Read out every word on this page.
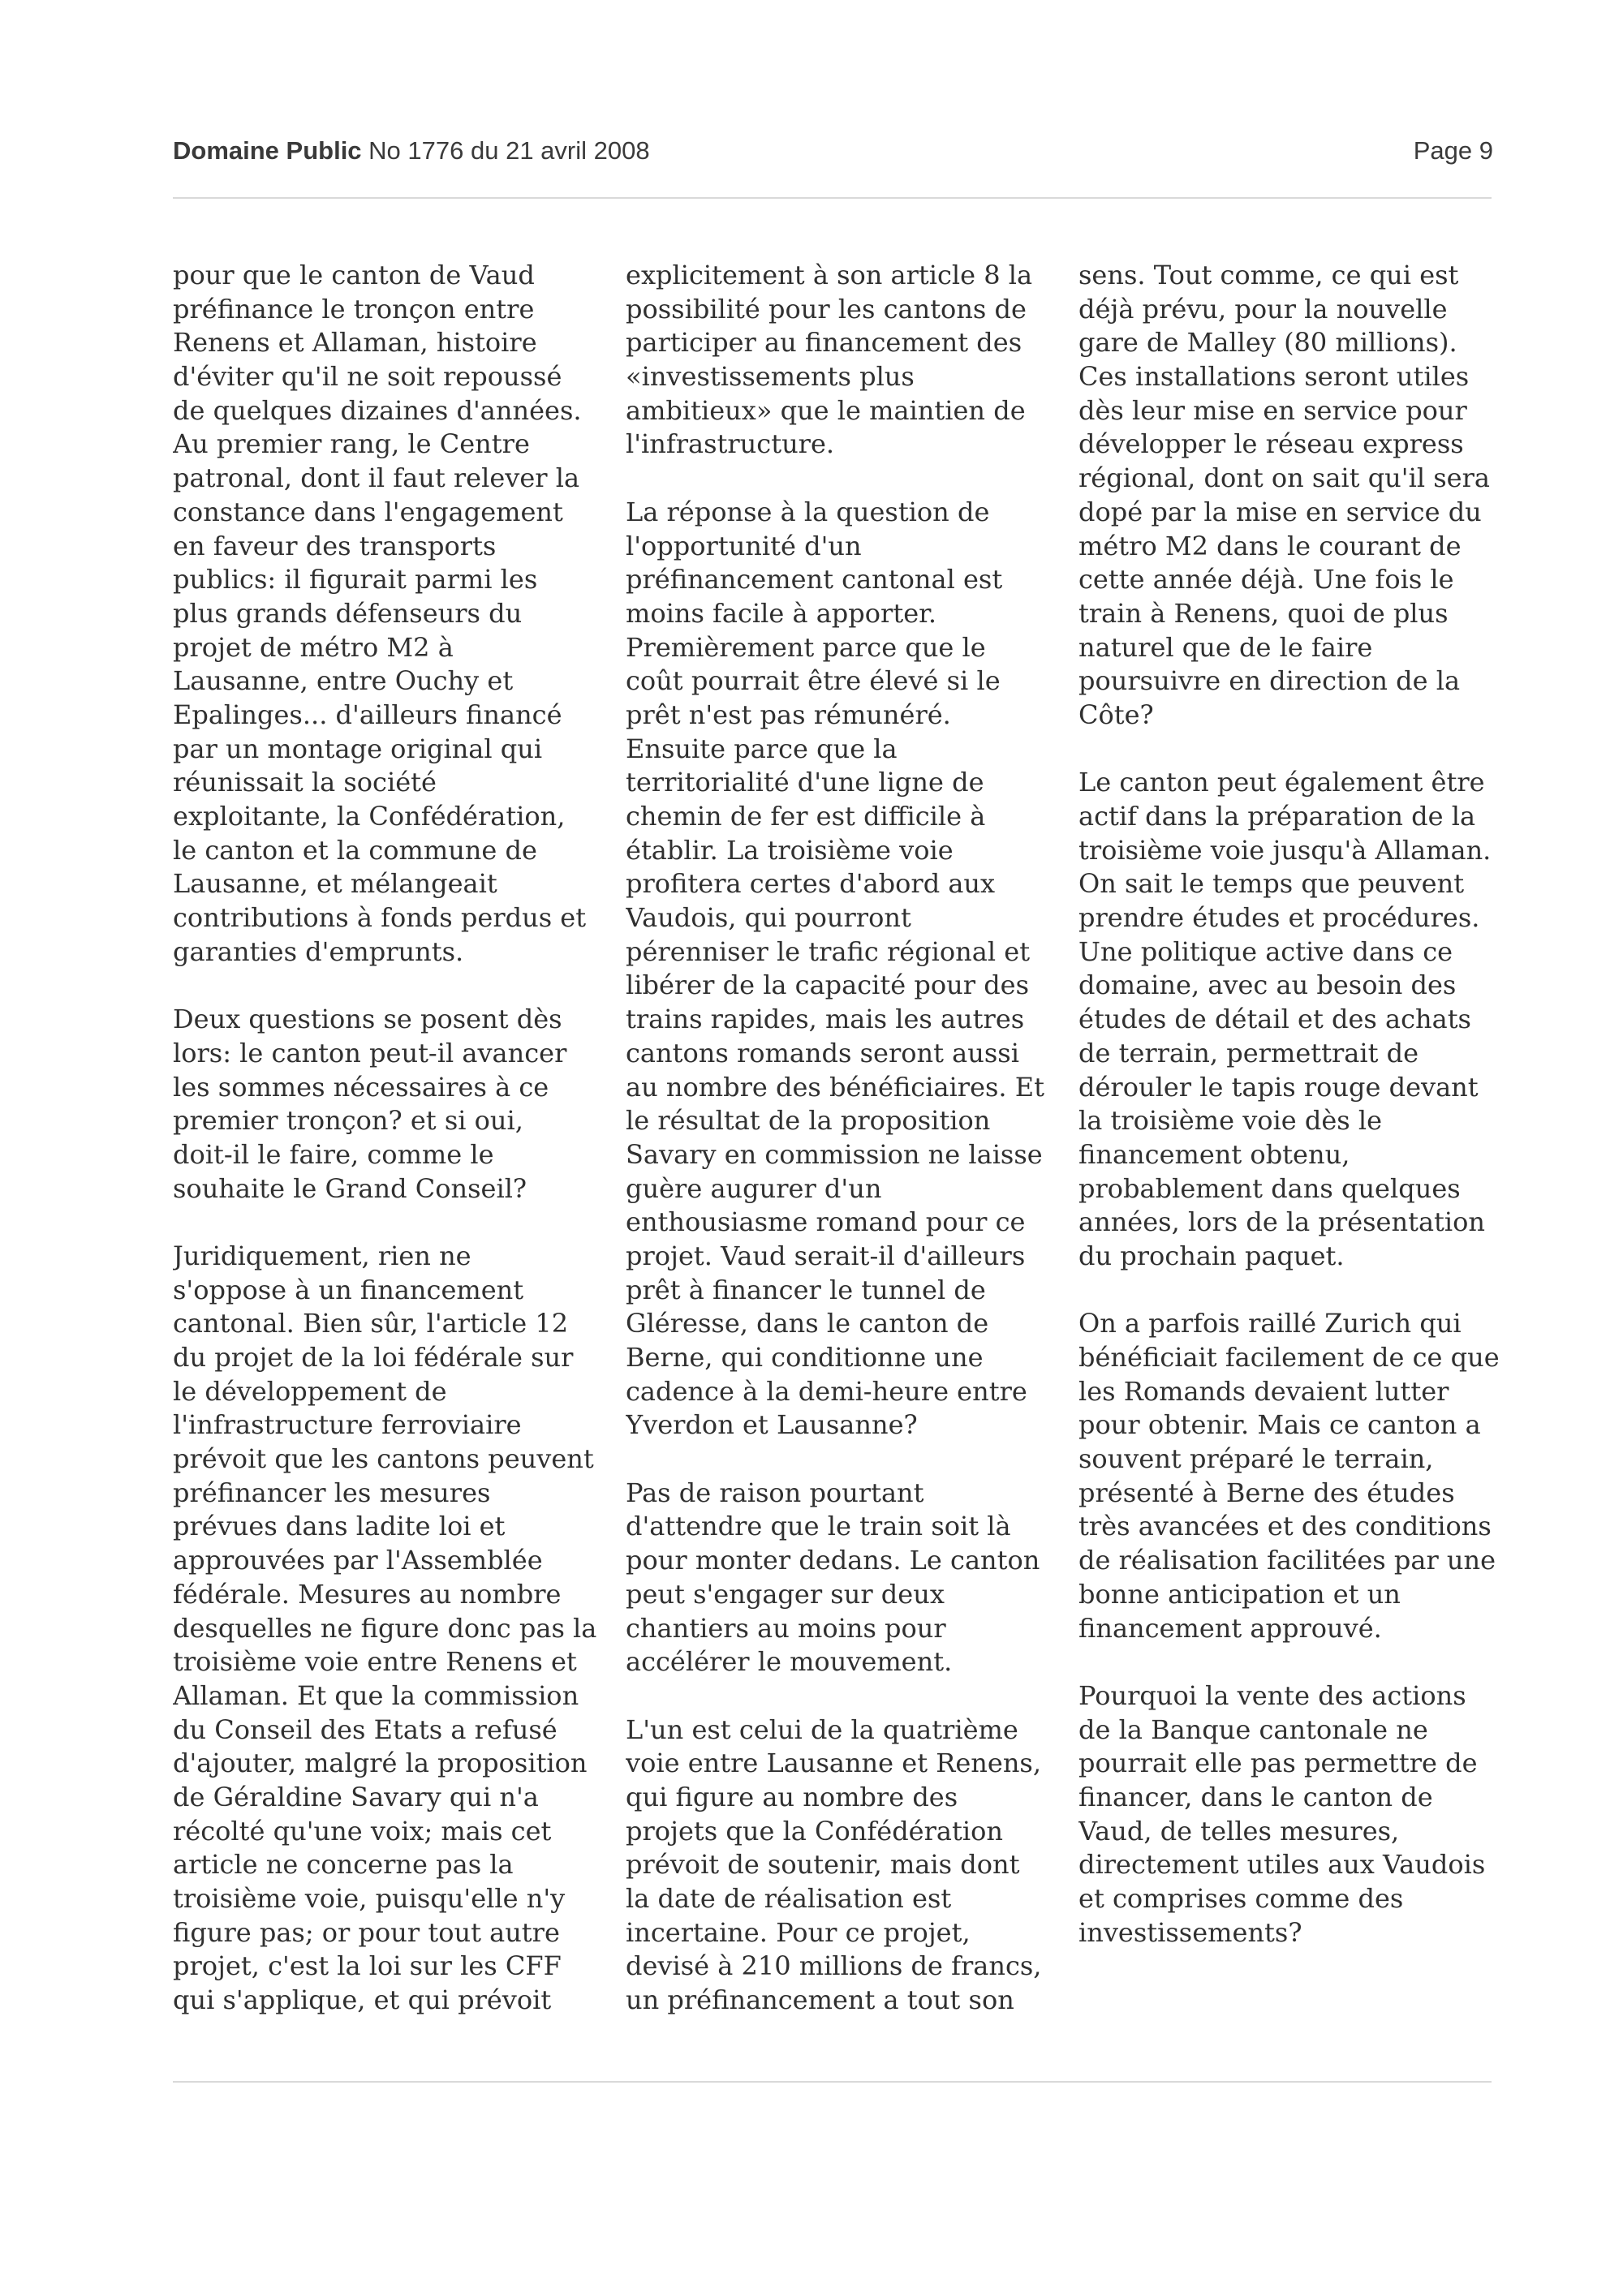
Domaine Public No 1776 du 21 avril 2008	Page 9
pour que le canton de Vaud
préfinance le tronçon entre
Renens et Allaman, histoire
d'éviter qu'il ne soit repoussé
de quelques dizaines d'années.
Au premier rang, le Centre
patronal, dont il faut relever la
constance dans l'engagement
en faveur des transports
publics: il figurait parmi les
plus grands défenseurs du
projet de métro M2 à
Lausanne, entre Ouchy et
Epalinges... d'ailleurs financé
par un montage original qui
réunissait la société
exploitante, la Confédération,
le canton et la commune de
Lausanne, et mélangeait
contributions à fonds perdus et
garanties d'emprunts.
Deux questions se posent dès
lors: le canton peut-il avancer
les sommes nécessaires à ce
premier tronçon? et si oui,
doit-il le faire, comme le
souhaite le Grand Conseil?
Juridiquement, rien ne
s'oppose à un financement
cantonal. Bien sûr, l'article 12
du projet de la loi fédérale sur
le développement de
l'infrastructure ferroviaire
prévoit que les cantons peuvent
préfinancer les mesures
prévues dans ladite loi et
approuvées par l'Assemblée
fédérale. Mesures au nombre
desquelles ne figure donc pas la
troisième voie entre Renens et
Allaman. Et que la commission
du Conseil des Etats a refusé
d'ajouter, malgré la proposition
de Géraldine Savary qui n'a
récolté qu'une voix; mais cet
article ne concerne pas la
troisième voie, puisqu'elle n'y
figure pas; or pour tout autre
projet, c'est la loi sur les CFF
qui s'applique, et qui prévoit
explicitement à son article 8 la
possibilité pour les cantons de
participer au financement des
«investissements plus
ambitieux» que le maintien de
l'infrastructure.
La réponse à la question de
l'opportunité d'un
préfinancement cantonal est
moins facile à apporter.
Premièrement parce que le
coût pourrait être élevé si le
prêt n'est pas rémunéré.
Ensuite parce que la
territorialité d'une ligne de
chemin de fer est difficile à
établir. La troisième voie
profitera certes d'abord aux
Vaudois, qui pourront
pérenniser le trafic régional et
libérer de la capacité pour des
trains rapides, mais les autres
cantons romands seront aussi
au nombre des bénéficiaires. Et
le résultat de la proposition
Savary en commission ne laisse
guère augurer d'un
enthousiasme romand pour ce
projet. Vaud serait-il d'ailleurs
prêt à financer le tunnel de
Gléresse, dans le canton de
Berne, qui conditionne une
cadence à la demi-heure entre
Yverdon et Lausanne?
Pas de raison pourtant
d'attendre que le train soit là
pour monter dedans. Le canton
peut s'engager sur deux
chantiers au moins pour
accélérer le mouvement.
L'un est celui de la quatrième
voie entre Lausanne et Renens,
qui figure au nombre des
projets que la Confédération
prévoit de soutenir, mais dont
la date de réalisation est
incertaine. Pour ce projet,
devisé à 210 millions de francs,
un préfinancement a tout son
sens. Tout comme, ce qui est
déjà prévu, pour la nouvelle
gare de Malley (80 millions).
Ces installations seront utiles
dès leur mise en service pour
développer le réseau express
régional, dont on sait qu'il sera
dopé par la mise en service du
métro M2 dans le courant de
cette année déjà. Une fois le
train à Renens, quoi de plus
naturel que de le faire
poursuivre en direction de la
Côte?
Le canton peut également être
actif dans la préparation de la
troisième voie jusqu'à Allaman.
On sait le temps que peuvent
prendre études et procédures.
Une politique active dans ce
domaine, avec au besoin des
études de détail et des achats
de terrain, permettrait de
dérouler le tapis rouge devant
la troisième voie dès le
financement obtenu,
probablement dans quelques
années, lors de la présentation
du prochain paquet.
On a parfois raillé Zurich qui
bénéficiait facilement de ce que
les Romands devaient lutter
pour obtenir. Mais ce canton a
souvent préparé le terrain,
présenté à Berne des études
très avancées et des conditions
de réalisation facilitées par une
bonne anticipation et un
financement approuvé.
Pourquoi la vente des actions
de la Banque cantonale ne
pourrait elle pas permettre de
financer, dans le canton de
Vaud, de telles mesures,
directement utiles aux Vaudois
et comprises comme des
investissements?
